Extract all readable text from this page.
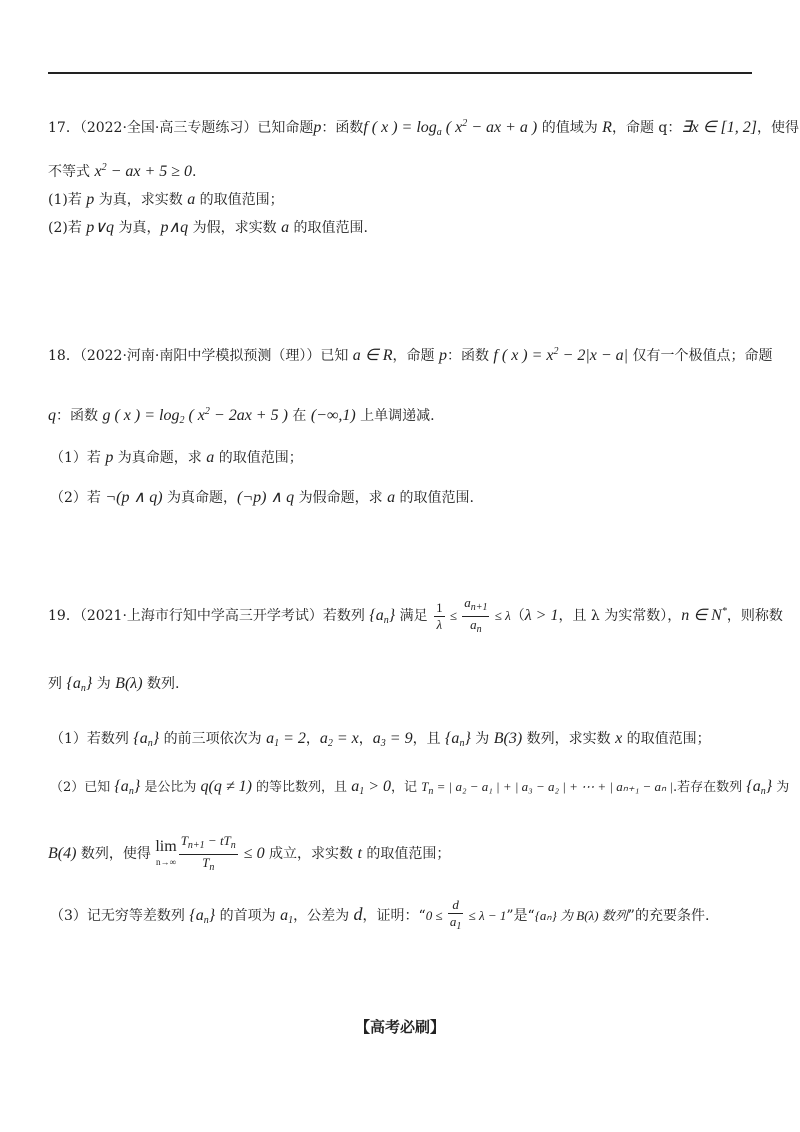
17．（2022·全国·高三专题练习）已知命题p：函数f ( x ) = $\log_a$ ( $x^2$ − ax + a ) 的值域为 R，命题 q：∃x ∈ [1, 2]，使得
不等式 $x^2$ − ax + 5 ≥ 0.
(1)若 p 为真，求实数 a 的取值范围；
(2)若 p∨q 为真，p∧q 为假，求实数 a 的取值范围.
18．（2022·河南·南阳中学模拟预测（理））已知 a ∈ R，命题 p：函数 f ( x ) = $x^2 - 2|x - a|$ 仅有一个极值点；命题
q：函数 g ( x ) = $\log_2$ ( $x^2 - 2ax + 5$ ) 在 (−∞,1) 上单调递减.
（1）若 p 为真命题，求 a 的取值范围；
（2）若 ¬(p ∧ q) 为真命题，(¬p) ∧ q 为假命题，求 a 的取值范围.
19．（2021·上海市行知中学高三开学考试）若数列 $\{a_n\}$ 满足 $\frac{1}{\lambda} \le \frac{a_{n+1}}{a_n} \le \lambda(\lambda > 1$，且 λ 为实常数），n ∈ N*，则称数
列 $\{a_n\}$ 为 B(λ) 数列.
（1）若数列 $\{a_n\}$ 的前三项依次为 $a_1 = 2$，$a_2 = x$，$a_3 = 9$，且 $\{a_n\}$ 为 B(3) 数列，求实数 x 的取值范围；
（2）已知 $\{a_n\}$ 是公比为 q(q ≠ 1) 的等比数列，且 $a_1 > 0$，记 $T_n$ = | a₂ − a₁ | + | a₃ − a₂ | + ⋯ + | aₙ₊₁ − aₙ |.若存在数列 $\{a_n\}$ 为
B(4) 数列，使得 lim
$n\to\infty \frac{T_{n+1} - tT_n}{T_n} \le 0$ 成立，求实数 t 的取值范围；
（3）记无穷等差数列 $\{a_n\}$ 的首项为 $a_1$，公差为 d，证明：“$0 \le \frac{d}{a_1} \le \lambda - 1$”是“{aₙ} 为 B(λ) 数列”的充要条件.
【高考必刷】
